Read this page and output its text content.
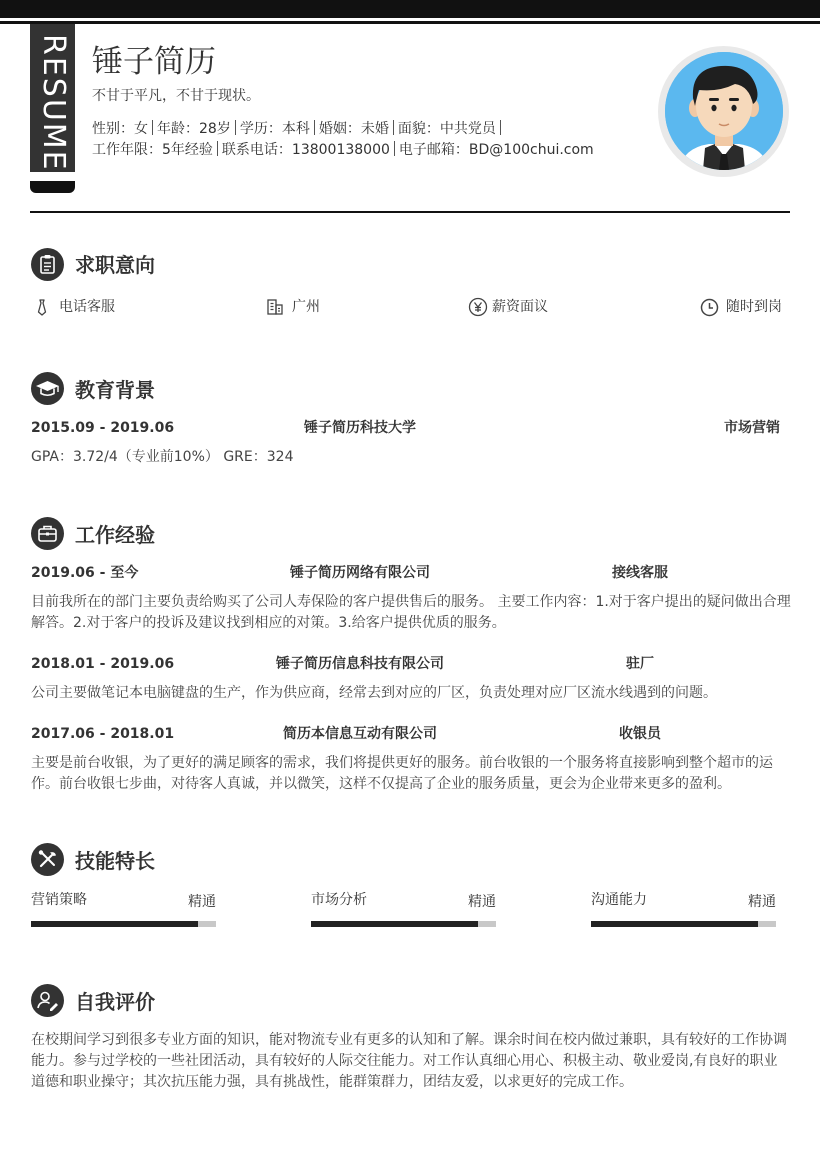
RESUME 锤子简历
不甘于平凡，不甘于现状。
性别：女 年龄：28岁 学历：本科 婚姻：未婚 面貌：中共党员
工作年限：5年经验 联系电话：13800138000 电子邮箱：BD@100chui.com
求职意向
电话客服	广州	薪资面议	随时到岗
教育背景
2015.09 - 2019.06	锤子简历科技大学	市场营销
GPA：3.72/4（专业前10%） GRE：324
工作经验
2019.06 - 至今	锤子简历网络有限公司	接线客服
目前我所在的部门主要负责给购买了公司人寿保险的客户提供售后的服务。 主要工作内容：1.对于客户提出的疑问做出合理解答。2.对于客户的投诉及建议找到相应的对策。3.给客户提供优质的服务。
2018.01 - 2019.06	锤子简历信息科技有限公司	驻厂
公司主要做笔记本电脑键盘的生产，作为供应商，经常去到对应的厂区，负责处理对应厂区流水线遇到的问题。
2017.06 - 2018.01	简历本信息互动有限公司	收银员
主要是前台收银，为了更好的满足顾客的需求，我们将提供更好的服务。前台收银的一个服务将直接影响到整个超市的运作。前台收银七步曲，对待客人真诚，并以微笑，这样不仅提高了企业的服务质量，更会为企业带来更多的盈利。
技能特长
营销策略	精通	市场分析	精通	沟通能力	精通
自我评价
在校期间学习到很多专业方面的知识，能对物流专业有更多的认知和了解。课余时间在校内做过兼职，具有较好的工作协调能力。参与过学校的一些社团活动，具有较好的人际交往能力。对工作认真细心用心、积极主动、敬业爱岗,有良好的职业道德和职业操守；其次抗压能力强，具有挑战性，能群策群力，团结友爱，以求更好的完成工作。
